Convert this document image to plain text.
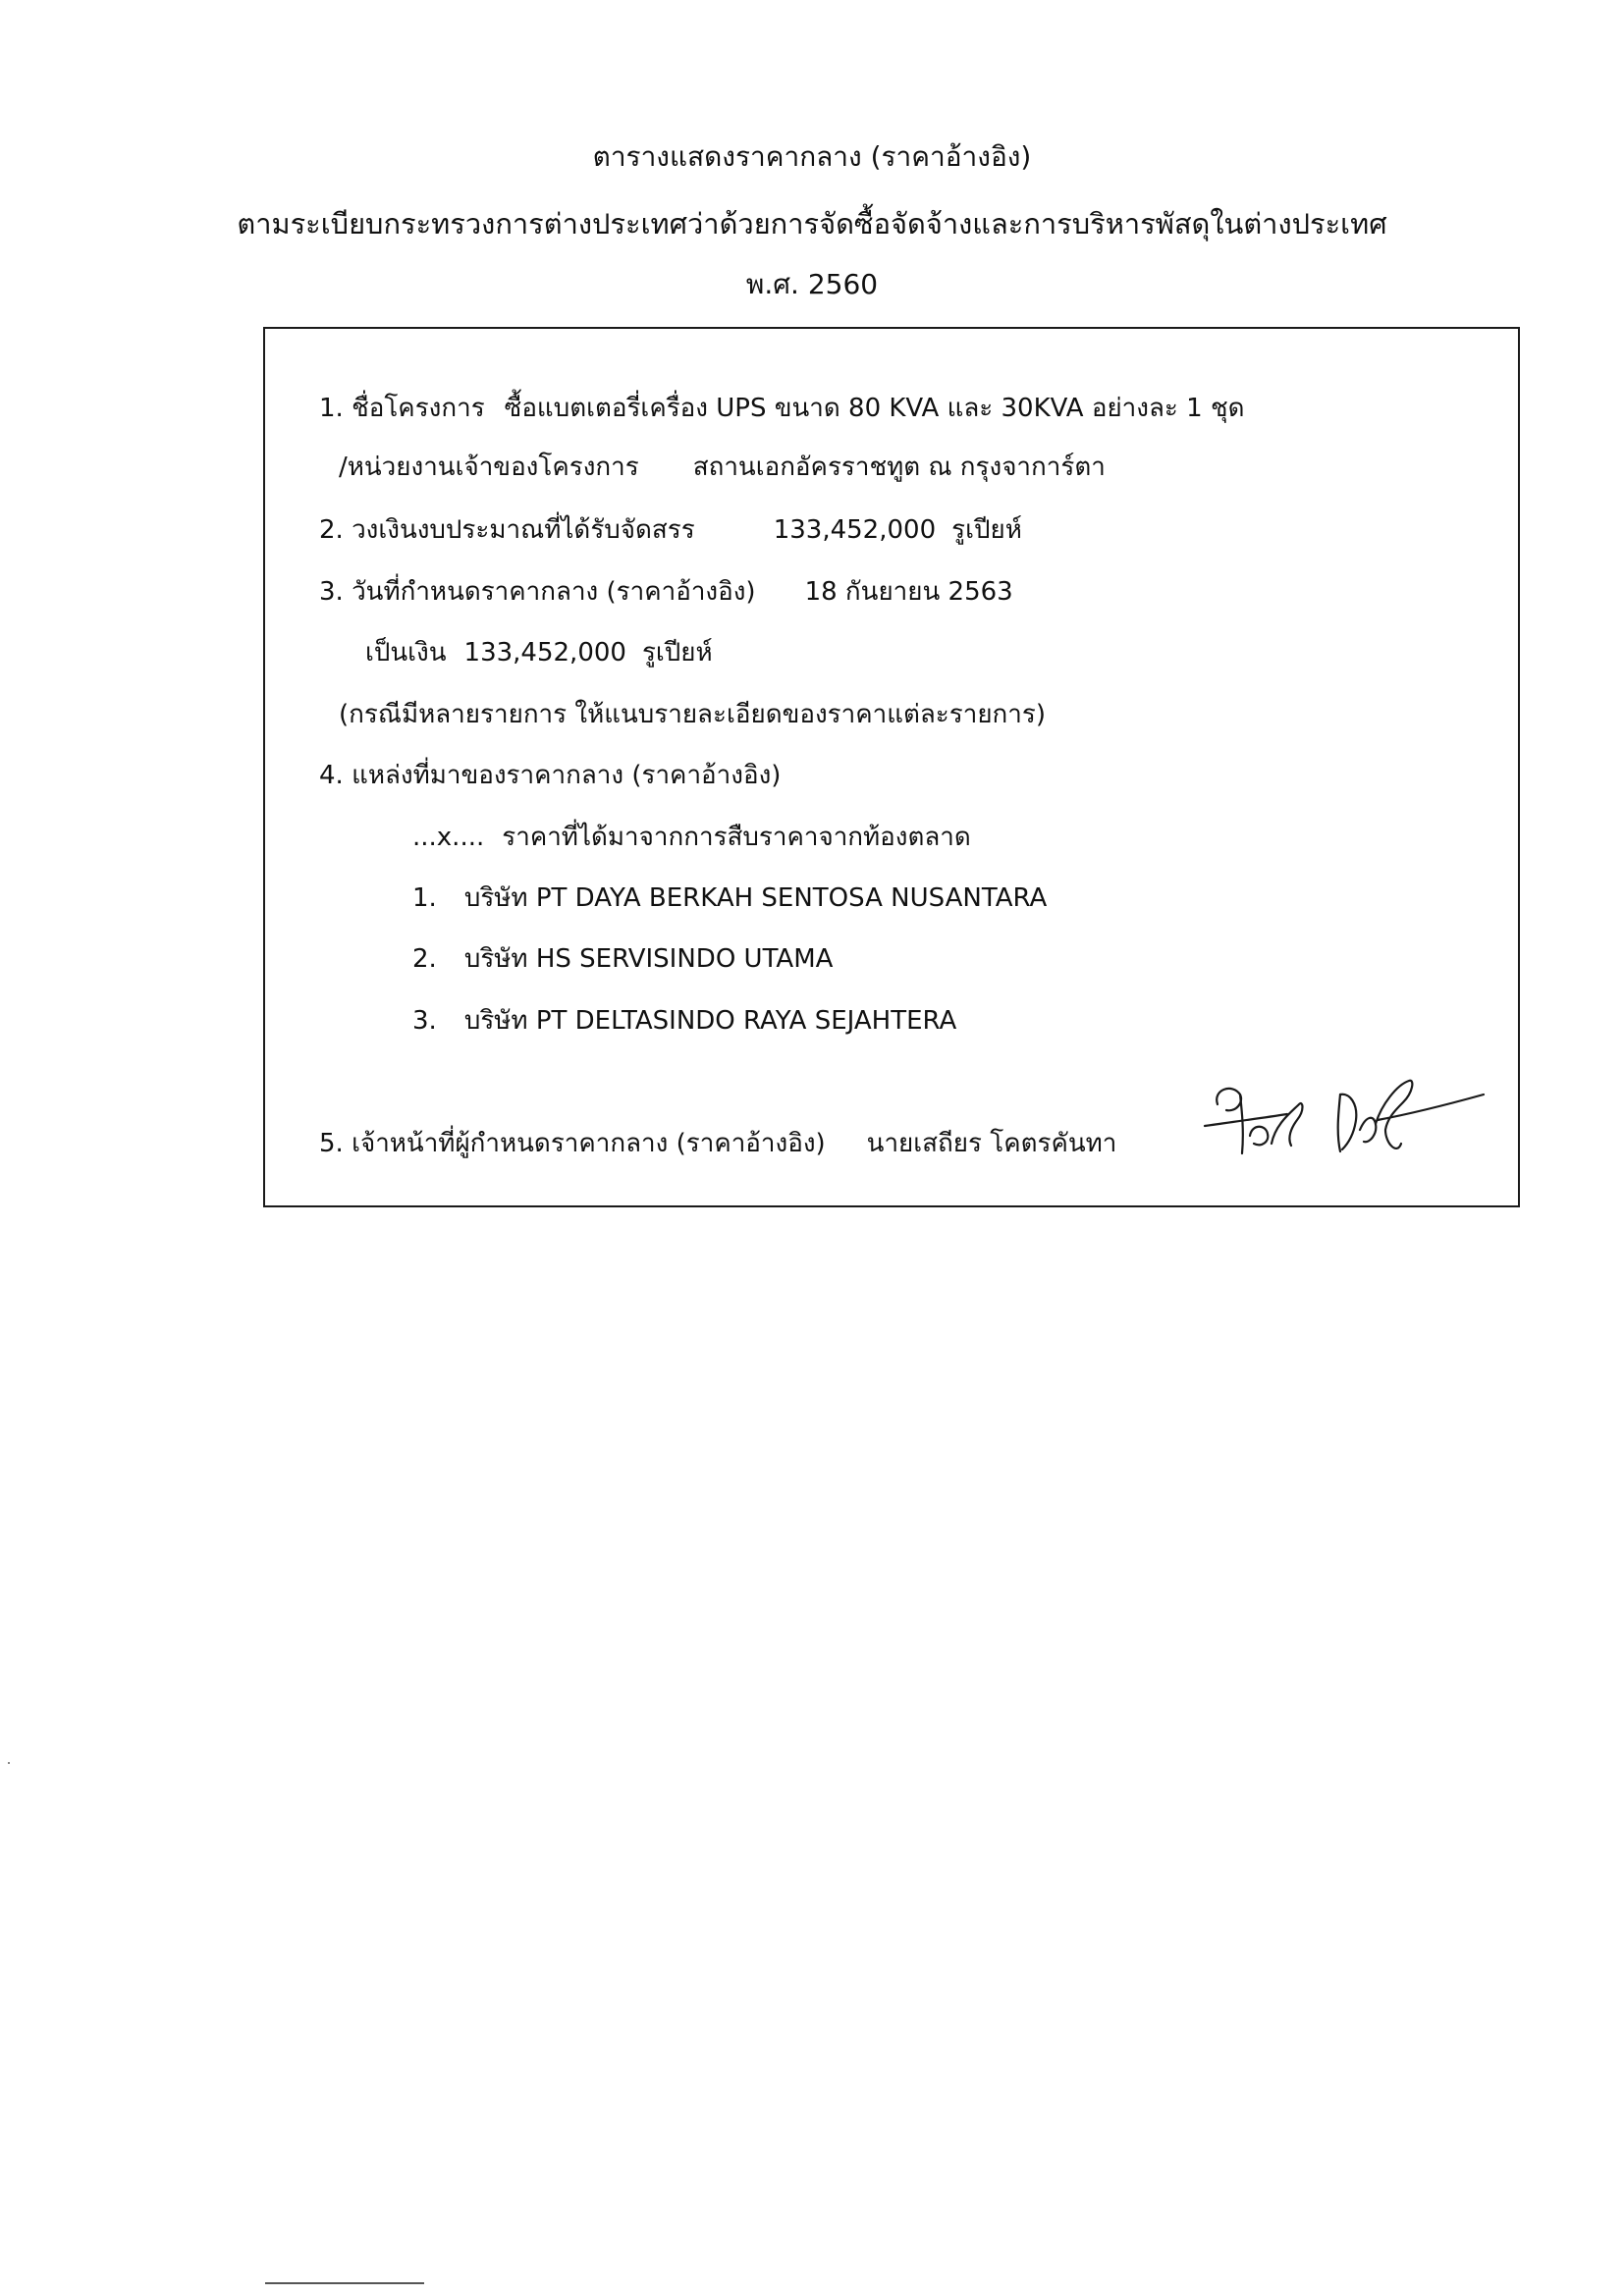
ตารางแสดงราคากลาง (ราคาอ้างอิง)
ตามระเบียบกระทรวงการต่างประเทศว่าด้วยการจัดซื้อจัดจ้างและการบริหารพัสดุในต่างประเทศ
พ.ศ. 2560
1. ชื่อโครงการ ซื้อแบตเตอรี่เครื่อง UPS ขนาด 80 KVA และ 30KVA อย่างละ 1 ชุด
/หน่วยงานเจ้าของโครงการ สถานเอกอัครราชทูต ณ กรุงจาการ์ตา
2. วงเงินงบประมาณที่ได้รับจัดสรร	133,452,000 รูเปียห์
3. วันที่กำหนดราคากลาง (ราคาอ้างอิง) 18 กันยายน 2563
เป็นเงิน 133,452,000 รูเปียห์
(กรณีมีหลายรายการ ให้แนบรายละเอียดของราคาแต่ละรายการ)
4. แหล่งที่มาของราคากลาง (ราคาอ้างอิง)
...x.... ราคาที่ได้มาจากการสืบราคาจากท้องตลาด
1. บริษัท PT DAYA BERKAH SENTOSA NUSANTARA
2. บริษัท HS SERVISINDO UTAMA
3. บริษัท PT DELTASINDO RAYA SEJAHTERA
5. เจ้าหน้าที่ผู้กำหนดราคากลาง (ราคาอ้างอิง) นายเสถียร โคตรคันทา
